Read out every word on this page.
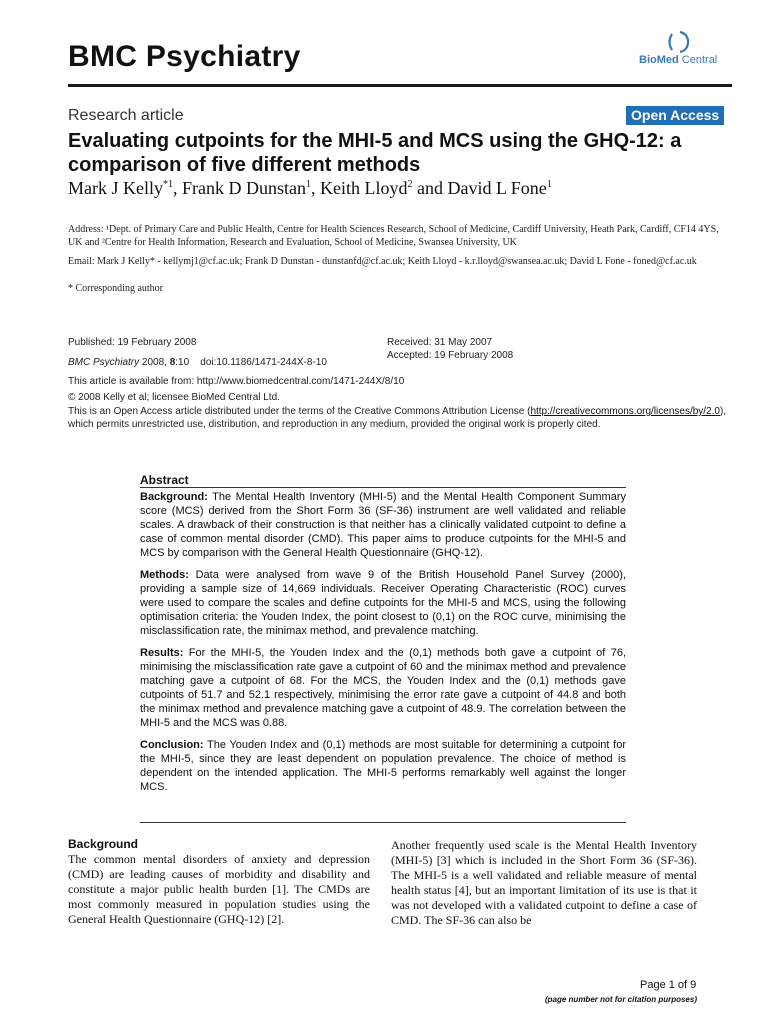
BMC Psychiatry	BioMed Central
Research article	Open Access
Evaluating cutpoints for the MHI-5 and MCS using the GHQ-12: a comparison of five different methods
Mark J Kelly$^{*1}$, Frank D Dunstan$^1$, Keith Lloyd$^2$ and David L Fone$^1$
Address: ¹Dept. of Primary Care and Public Health, Centre for Health Sciences Research, School of Medicine, Cardiff University, Heath Park, Cardiff, CF14 4YS, UK and ²Centre for Health Information, Research and Evaluation, School of Medicine, Swansea University, UK
Email: Mark J Kelly* - kellymj1@cf.ac.uk; Frank D Dunstan - dunstanfd@cf.ac.uk; Keith Lloyd - k.r.lloyd@swansea.ac.uk; David L Fone - foned@cf.ac.uk
* Corresponding author
Published: 19 February 2008
BMC Psychiatry 2008, 8:10    doi:10.1186/1471-244X-8-10
Received: 31 May 2007
Accepted: 19 February 2008
This article is available from: http://www.biomedcentral.com/1471-244X/8/10
© 2008 Kelly et al; licensee BioMed Central Ltd.
This is an Open Access article distributed under the terms of the Creative Commons Attribution License (http://creativecommons.org/licenses/by/2.0), which permits unrestricted use, distribution, and reproduction in any medium, provided the original work is properly cited.
Abstract

Background: The Mental Health Inventory (MHI-5) and the Mental Health Component Summary score (MCS) derived from the Short Form 36 (SF-36) instrument are well validated and reliable scales. A drawback of their construction is that neither has a clinically validated cutpoint to define a case of common mental disorder (CMD). This paper aims to produce cutpoints for the MHI-5 and MCS by comparison with the General Health Questionnaire (GHQ-12).

Methods: Data were analysed from wave 9 of the British Household Panel Survey (2000), providing a sample size of 14,669 individuals. Receiver Operating Characteristic (ROC) curves were used to compare the scales and define cutpoints for the MHI-5 and MCS, using the following optimisation criteria: the Youden Index, the point closest to (0,1) on the ROC curve, minimising the misclassification rate, the minimax method, and prevalence matching.

Results: For the MHI-5, the Youden Index and the (0,1) methods both gave a cutpoint of 76, minimising the misclassification rate gave a cutpoint of 60 and the minimax method and prevalence matching gave a cutpoint of 68. For the MCS, the Youden Index and the (0,1) methods gave cutpoints of 51.7 and 52.1 respectively, minimising the error rate gave a cutpoint of 44.8 and both the minimax method and prevalence matching gave a cutpoint of 48.9. The correlation between the MHI-5 and the MCS was 0.88.

Conclusion: The Youden Index and (0,1) methods are most suitable for determining a cutpoint for the MHI-5, since they are least dependent on population prevalence. The choice of method is dependent on the intended application. The MHI-5 performs remarkably well against the longer MCS.

Background
The common mental disorders of anxiety and depression (CMD) are leading causes of morbidity and disability and constitute a major public health burden [1]. The CMDs are most commonly measured in population studies using the General Health Questionnaire (GHQ-12) [2].
Another frequently used scale is the Mental Health Inventory (MHI-5) [3] which is included in the Short Form 36 (SF-36). The MHI-5 is a well validated and reliable measure of mental health status [4], but an important limitation of its use is that it was not developed with a validated cutpoint to define a case of CMD. The SF-36 can also be
Page 1 of 9
(page number not for citation purposes)
